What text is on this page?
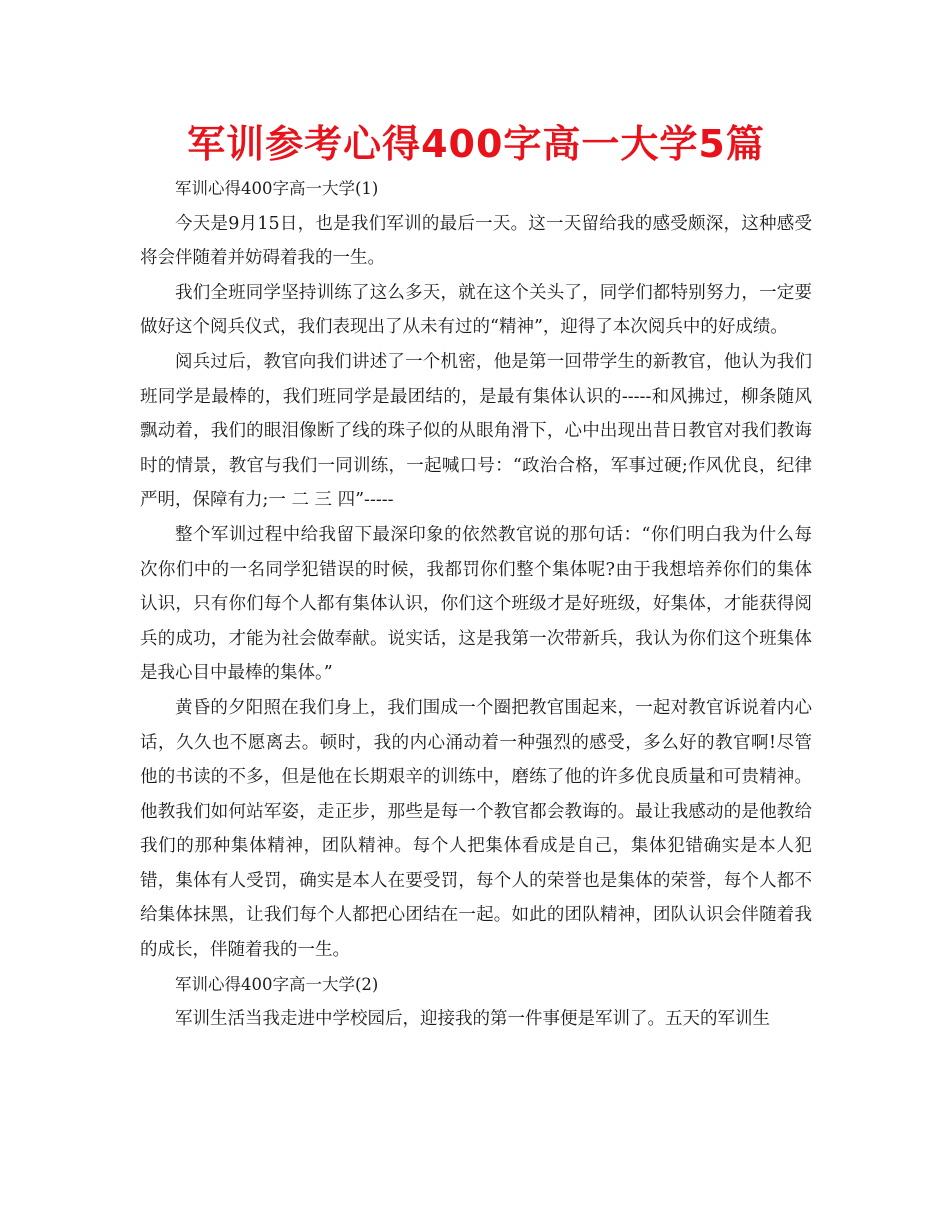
军训参考心得400字高一大学5篇

军训心得400字高一大学(1)

今天是9月15日，也是我们军训的最后一天。这一天留给我的感受颇深，这种感受将会伴随着并妨碍着我的一生。

我们全班同学坚持训练了这么多天，就在这个关头了，同学们都特别努力，一定要做好这个阅兵仪式，我们表现出了从未有过的“精神”，迎得了本次阅兵中的好成绩。

阅兵过后，教官向我们讲述了一个机密，他是第一回带学生的新教官，他认为我们班同学是最棒的，我们班同学是最团结的，是最有集体认识的-----和风拂过，柳条随风飘动着，我们的眼泪像断了线的珠子似的从眼角滑下，心中出现出昔日教官对我们教诲时的情景，教官与我们一同训练，一起喊口号：“政治合格，军事过硬;作风优良，纪律严明，保障有力;一 二 三 四”-----

整个军训过程中给我留下最深印象的依然教官说的那句话：“你们明白我为什么每次你们中的一名同学犯错误的时候，我都罚你们整个集体呢?由于我想培养你们的集体认识，只有你们每个人都有集体认识，你们这个班级才是好班级，好集体，才能获得阅兵的成功，才能为社会做奉献。说实话，这是我第一次带新兵，我认为你们这个班集体是我心目中最棒的集体。”

黄昏的夕阳照在我们身上，我们围成一个圈把教官围起来，一起对教官诉说着内心话，久久也不愿离去。顿时，我的内心涌动着一种强烈的感受，多么好的教官啊!尽管他的书读的不多，但是他在长期艰辛的训练中，磨练了他的许多优良质量和可贵精神。他教我们如何站军姿，走正步，那些是每一个教官都会教诲的。最让我感动的是他教给我们的那种集体精神，团队精神。每个人把集体看成是自己，集体犯错确实是本人犯错，集体有人受罚，确实是本人在要受罚，每个人的荣誉也是集体的荣誉，每个人都不给集体抹黑，让我们每个人都把心团结在一起。如此的团队精神，团队认识会伴随着我的成长，伴随着我的一生。

军训心得400字高一大学(2)

军训生活当我走进中学校园后，迎接我的第一件事便是军训了。五天的军训生
